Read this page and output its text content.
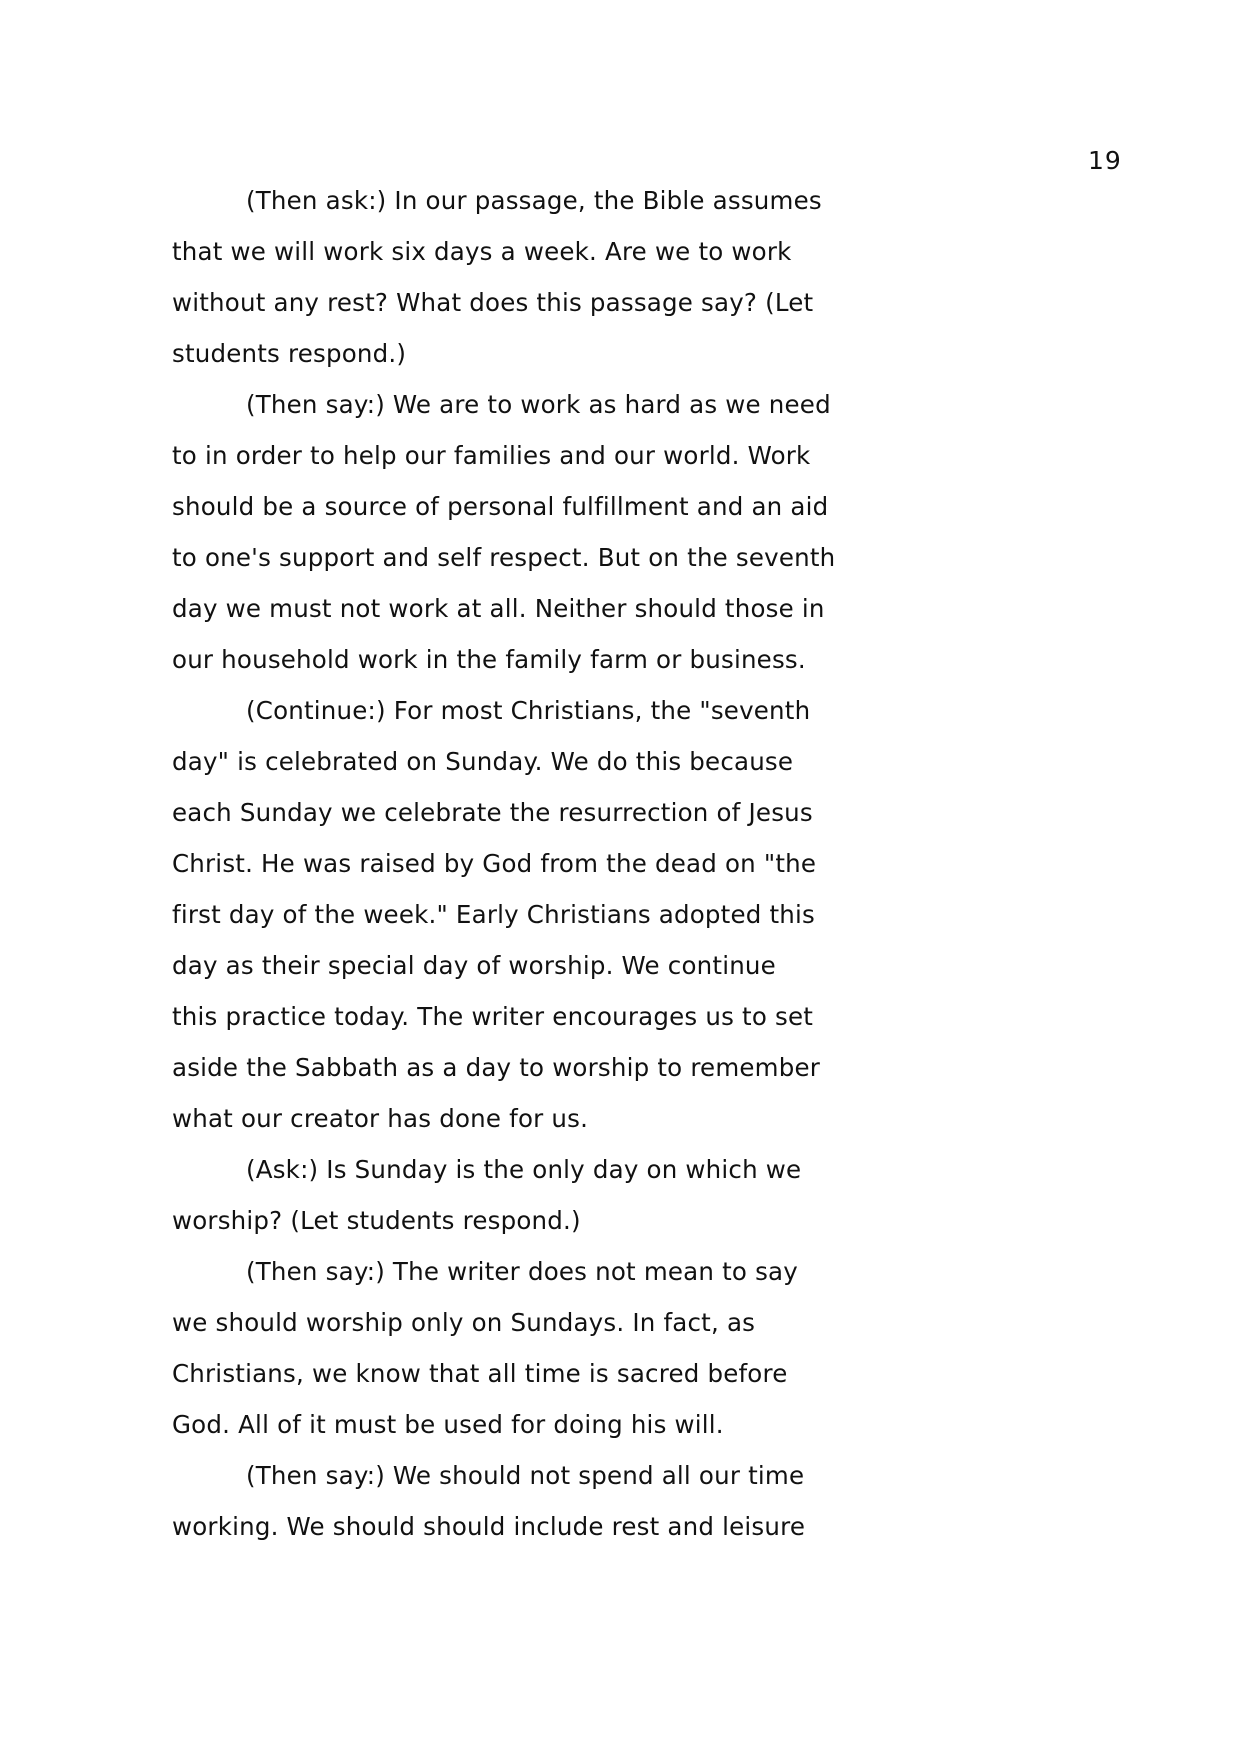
19
(Then ask:) In our passage, the Bible assumes
that we will work six days a week. Are we to work
without any rest? What does this passage say? (Let
students respond.)
(Then say:) We are to work as hard as we need
to in order to help our families and our world. Work
should be a source of personal fulfillment and an aid
to one's support and self respect. But on the seventh
day we must not work at all. Neither should those in
our household work in the family farm or business.
(Continue:) For most Christians, the "seventh
day" is celebrated on Sunday. We do this because
each Sunday we celebrate the resurrection of Jesus
Christ. He was raised by God from the dead on "the
first day of the week." Early Christians adopted this
day as their special day of worship. We continue
this practice today. The writer encourages us to set
aside the Sabbath as a day to worship to remember
what our creator has done for us.
(Ask:) Is Sunday is the only day on which we
worship? (Let students respond.)
(Then say:) The writer does not mean to say
we should worship only on Sundays. In fact, as
Christians, we know that all time is sacred before
God. All of it must be used for doing his will.
(Then say:) We should not spend all our time
working. We should should include rest and leisure
